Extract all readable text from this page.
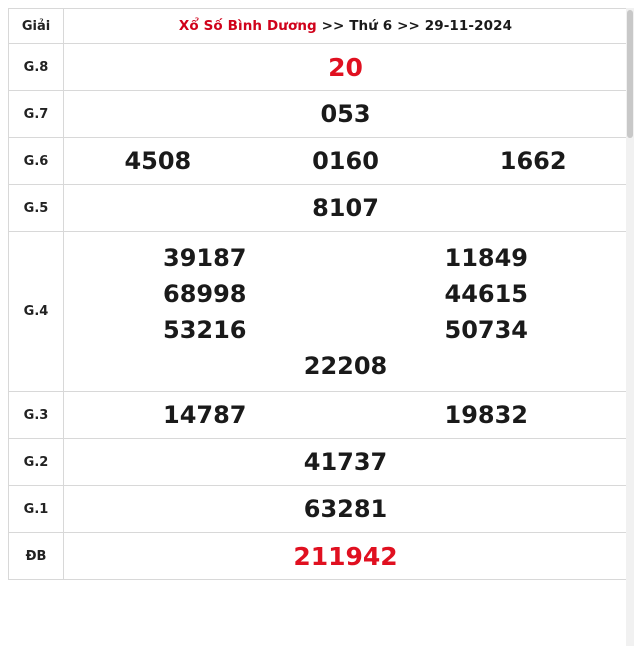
Giải	Xổ Số Bình Dương >> Thứ 6 >> 29-11-2024
G.8	20

G.7	053

G.6	4508 0160 1662

G.5	8107

G.4	
39187	11849
68998	44615
53216	50734
22208

G.3	14787 19832

G.2	41737

G.1	63281

ĐB	211942
